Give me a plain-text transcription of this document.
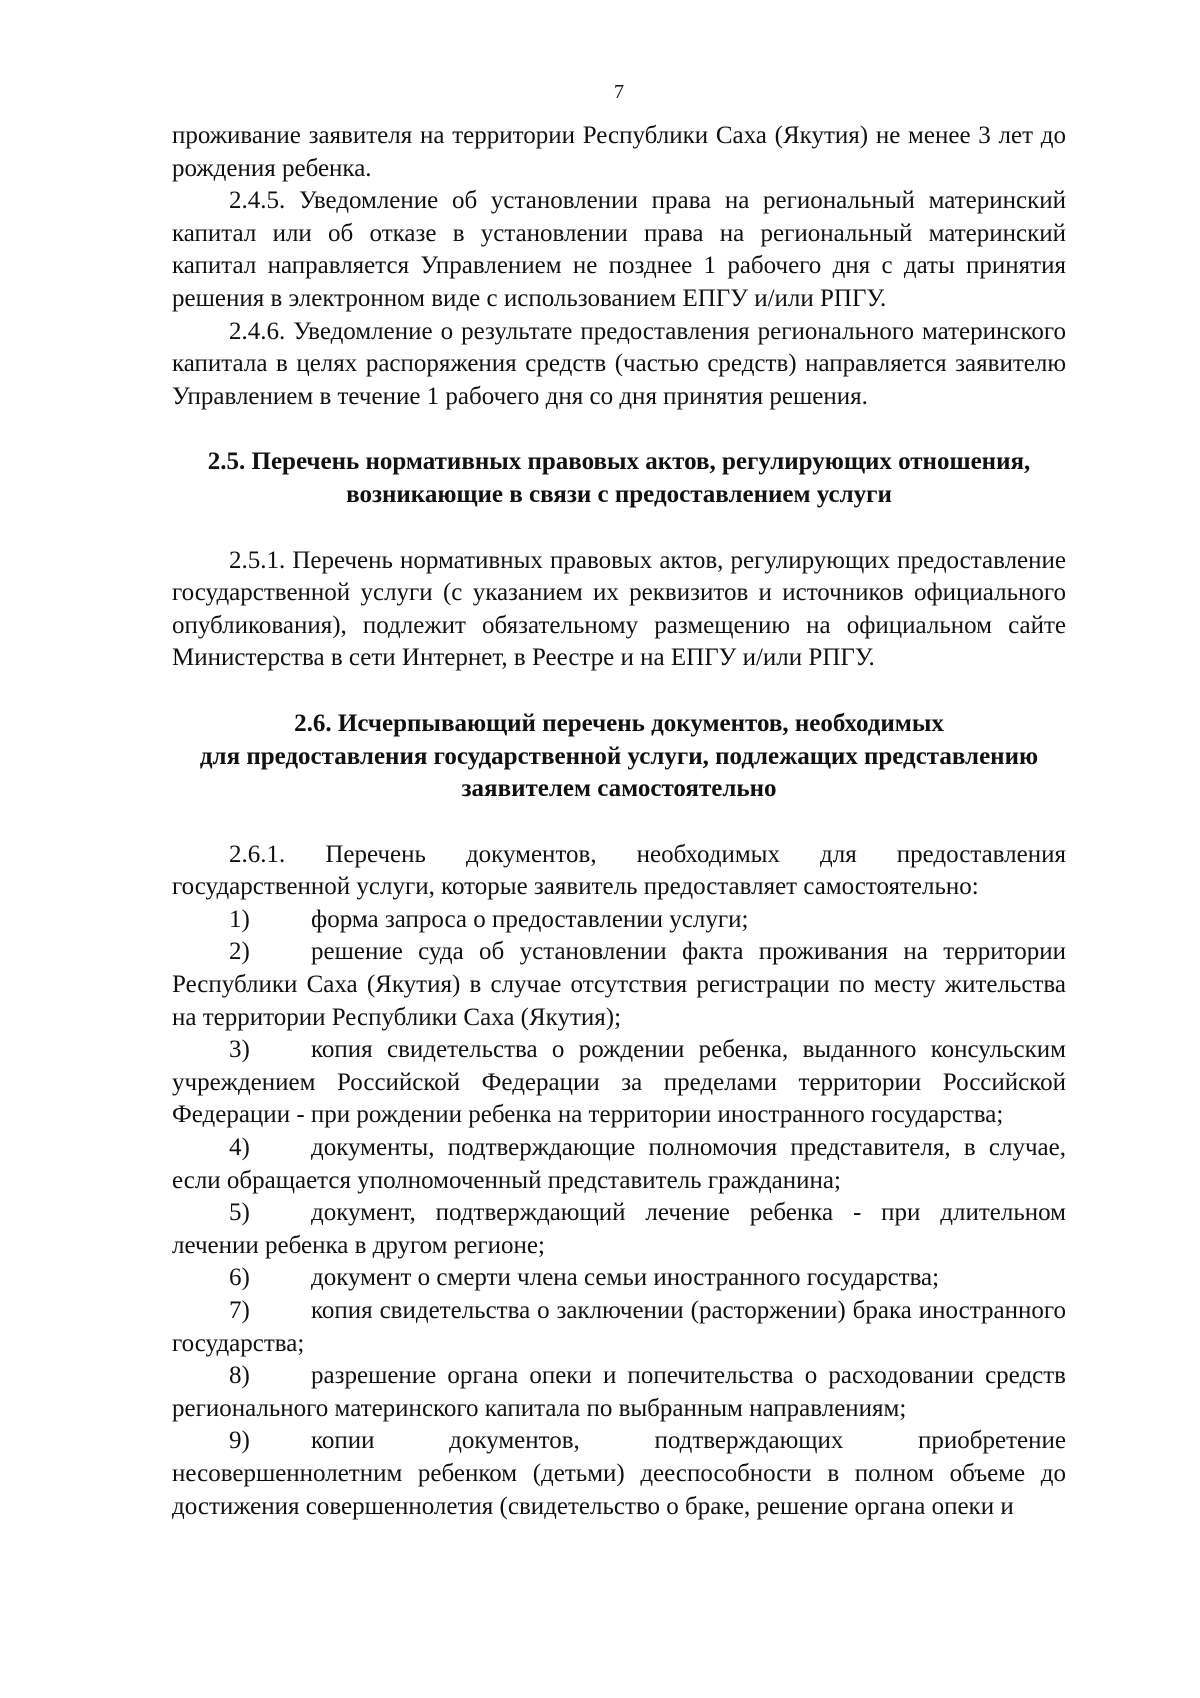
7

проживание заявителя на территории Республики Саха (Якутия) не менее 3 лет до рождения ребенка.

2.4.5. Уведомление об установлении права на региональный материнский капитал или об отказе в установлении права на региональный материнский капитал направляется Управлением не позднее 1 рабочего дня с даты принятия решения в электронном виде с использованием ЕПГУ и/или РПГУ.

2.4.6. Уведомление о результате предоставления регионального материнского капитала в целях распоряжения средств (частью средств) направляется заявителю Управлением в течение 1 рабочего дня со дня принятия решения.

2.5. Перечень нормативных правовых актов, регулирующих отношения,
возникающие в связи с предоставлением услуги

2.5.1. Перечень нормативных правовых актов, регулирующих предоставление государственной услуги (с указанием их реквизитов и источников официального опубликования), подлежит обязательному размещению на официальном сайте Министерства в сети Интернет, в Реестре и на ЕПГУ и/или РПГУ.

2.6. Исчерпывающий перечень документов, необходимых
для предоставления государственной услуги, подлежащих представлению
заявителем самостоятельно

2.6.1. Перечень документов, необходимых для предоставления государственной услуги, которые заявитель предоставляет самостоятельно:

1) форма запроса о предоставлении услуги;

2) решение суда об установлении факта проживания на территории Республики Саха (Якутия) в случае отсутствия регистрации по месту жительства на территории Республики Саха (Якутия);

3) копия свидетельства о рождении ребенка, выданного консульским учреждением Российской Федерации за пределами территории Российской Федерации - при рождении ребенка на территории иностранного государства;

4) документы, подтверждающие полномочия представителя, в случае, если обращается уполномоченный представитель гражданина;

5) документ, подтверждающий лечение ребенка - при длительном лечении ребенка в другом регионе;

6) документ о смерти члена семьи иностранного государства;

7) копия свидетельства о заключении (расторжении) брака иностранного государства;

8) разрешение органа опеки и попечительства о расходовании средств регионального материнского капитала по выбранным направлениям;

9) копии документов, подтверждающих приобретение несовершеннолетним ребенком (детьми) дееспособности в полном объеме до достижения совершеннолетия (свидетельство о браке, решение органа опеки и
